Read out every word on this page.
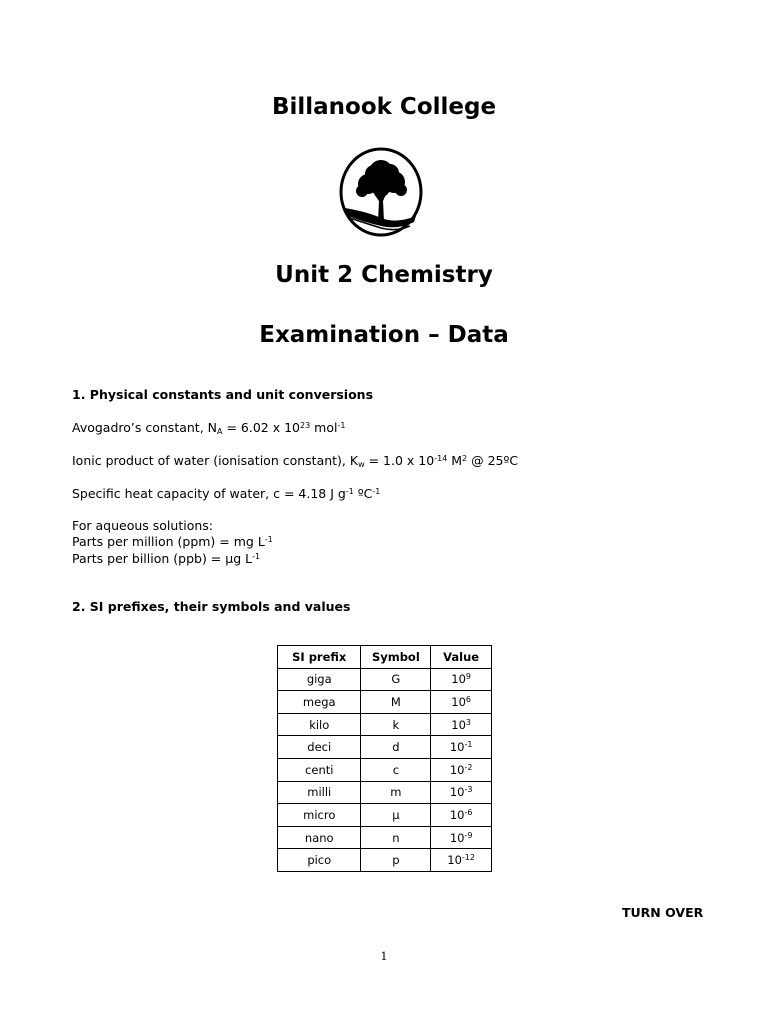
Billanook College
Unit 2 Chemistry
Examination – Data
1. Physical constants and unit conversions
Avogadro’s constant, $N_A = 6.02$ x $10^{23}$ mol$^{-1}$
Ionic product of water (ionisation constant), $K_w = 1.0$ x $10^{-14}$ $M^2$ @ 25ºC
Specific heat capacity of water, c = 4.18 J $g^{-1}$ ºC$^{-1}$
For aqueous solutions:
Parts per million (ppm) = mg $L^{-1}$
Parts per billion (ppb) = µg $L^{-1}$
2. SI prefixes, their symbols and values
SI prefix	Symbol	Value
giga	G	$10^9$
mega	M	$10^6$
kilo	k	$10^3$
deci	d	$10^{-1}$
centi	c	$10^{-2}$
milli	m	$10^{-3}$
micro	µ	$10^{-6}$
nano	n	$10^{-9}$
pico	p	$10^{-12}$
TURN OVER
1
